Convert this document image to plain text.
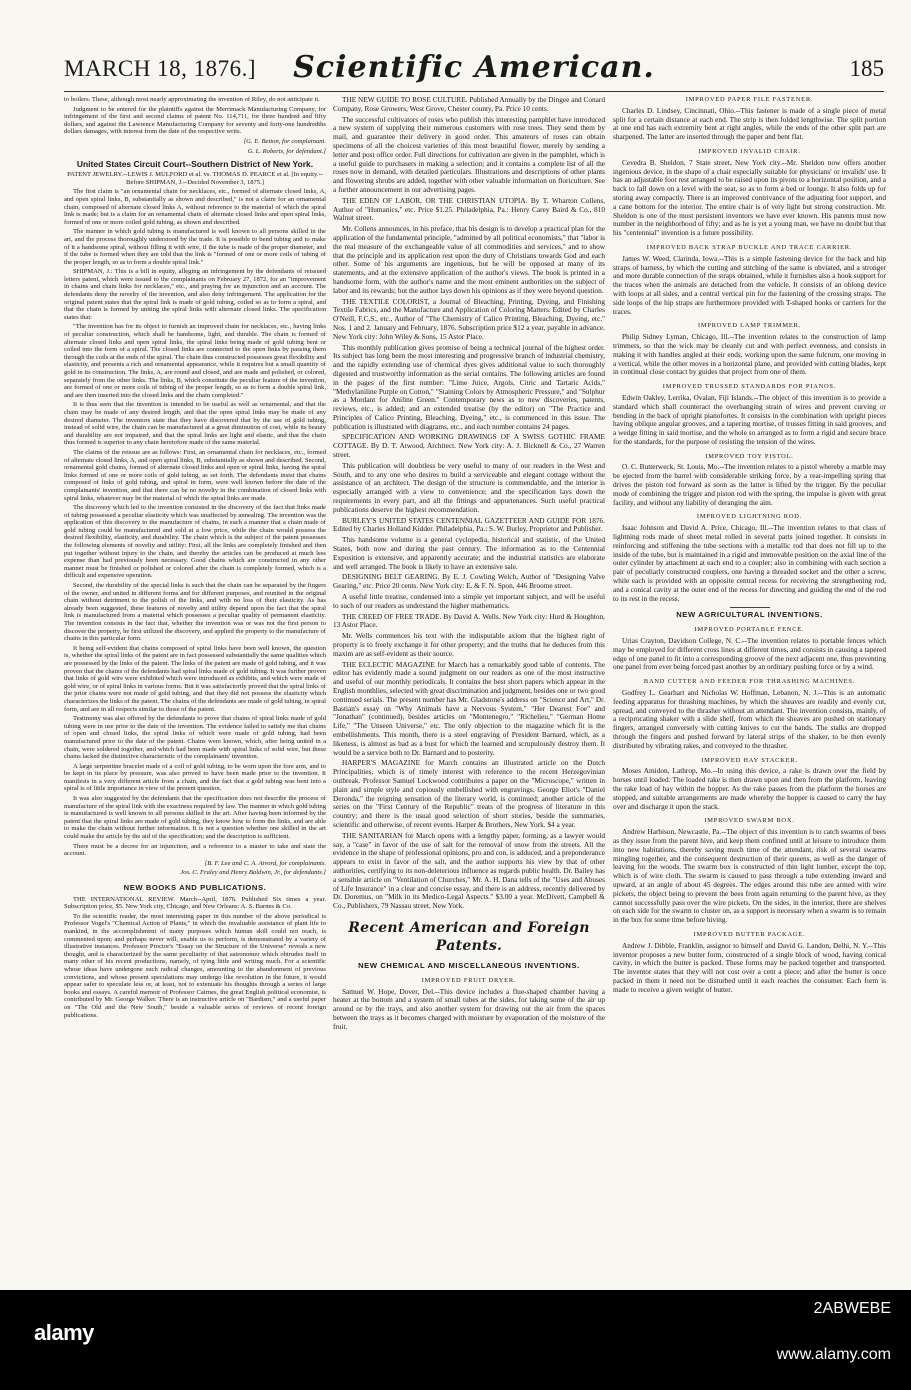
MARCH 18, 1876.]	Scientific American.	185

to boilers. These, although most nearly approximating the invention of Riley, do not anticipate it.

Judgment to be entered for the plaintiffs against the Merrimack Manufacturing Company, for infringement of the first and second claims of patent No. 114,711, for three hundred and fifty dollars, and against the Lawrence Manufacturing Company for seventy and forty-one hundredths dollars damages, with interest from the date of the respective writs.

[G. E. Betton, for complainant.

G. L. Roberts, for defendant.]

United States Circuit Court--Southern District of New York.

PATENT JEWELRY.--LEWIS J. MULFORD et al. vs. THOMAS D. PEARCE et al. [In equity.--Before SHIPMAN, J.--Decided November 3, 1875.]

The first claim is "an ornamental chain for necklaces, etc., formed of alternate closed links, A, and open spiral links, B, substantially as shown and described," is not a claim for an ornamental chain, composed of alternate closed links A, without reference to the material of which the spiral link is made; but is a claim for an ornamental chain of alternate closed links and open spiral links, formed of one or more coiled gold tubing, as shown and described.

The manner in which gold tubing is manufactured is well known to all persons skilled in the art, and the process thoroughly understood by the trade. It is possible to bend tubing and to make of it a handsome spiral, without filling it with wire, if the tube is made of the proper diameter, and if the tube is formed when they are told that the link is "formed of one or more coils of tubing of the proper length, so as to form a double spiral link."

SHIPMAN, J.: This is a bill in equity, alleging an infringement by the defendants of reissued letters patent, which were issued to the complainants on February 27, 1872, for an "improvement in chains and chain links for necklaces," etc., and praying for an injunction and an account. The defendants deny the novelty of the invention, and also deny infringement. The application for the original patent states that the spiral link is made of gold tubing, coiled so as to form a spiral, and that the chain is formed by uniting the spiral links with alternate closed links. The specification states that:

"The invention has for its object to furnish an improved chain for necklaces, etc., having links of peculiar construction, which shall be handsome, light, and durable. The chain is formed of alternate closed links and open spiral links, the spiral links being made of gold tubing bent or coiled into the form of a spiral. The closed links are connected to the open links by passing them through the coils at the ends of the spiral. The chain thus constructed possesses great flexibility and elasticity, and presents a rich and ornamental appearance, while it requires but a small quantity of gold in its construction. The links, A, are round and closed, and are made and polished, or colored, separately from the other links. The links, B, which constitute the peculiar feature of the invention, are formed of one or more coils of tubing of the proper length, so as to form a double spiral link, and are then inserted into the closed links and the chain completed."

It is thus seen that the invention is intended to be useful as well as ornamental, and that the chain may be made of any desired length, and that the open spiral links may be made of any desired diameter. The inventors state that they have discovered that by the use of gold tubing, instead of solid wire, the chain can be manufactured at a great diminution of cost, while its beauty and durability are not impaired, and that the spiral links are light and elastic, and that the chain thus formed is superior to any chain heretofore made of the same material.

The claims of the reissue are as follows: First, an ornamental chain for necklaces, etc., formed of alternate closed links, A, and open spiral links, B, substantially as shown and described. Second, ornamental gold chains, formed of alternate closed links and open or spiral links, having the spiral links formed of one or more coils of gold tubing, as set forth. The defendants insist that chains composed of links of gold tubing, and spiral in form, were well known before the date of the complainants' invention, and that there can be no novelty in the combination of closed links with spiral links, whatever may be the material of which the spiral links are made.

The discovery which led to the invention consisted in the discovery of the fact that links made of tubing possessed a peculiar elasticity which was unaffected by annealing. The invention was the application of this discovery to the manufacture of chains, in such a manner that a chain made of gold tubing could be manufactured and sold at a low price, while the chain would possess the desired flexibility, elasticity, and durability. The chain which is the subject of the patent possesses the following elements of novelty and utility: First, all the links are completely finished and then put together without injury to the chain, and thereby the articles can be produced at much less expense than had previously been necessary. Good chains which are constructed in any other manner must be finished or polished or colored after the chain is completely formed, which is a difficult and expensive operation.

Second, the durability of the special links is such that the chain can be separated by the fingers of the owner, and united in different forms and for different purposes, and reunited in the original chain without detriment to the polish of the links, and with no loss of their elasticity. As has already been suggested, these features of novelty and utility depend upon the fact that the spiral link is manufactured from a material which possesses a peculiar quality of permanent elasticity. The invention consists in the fact that, whether the invention was or was not the first person to discover the property, he first utilized the discovery, and applied the property to the manufacture of chains in this particular form.

It being self-evident that chains composed of spiral links have been well known, the question is, whether the spiral links of the patent are in fact possessed substantially the same qualities which are possessed by the links of the patent. The links of the patent are made of gold tubing, and it was proven that the chains of the defendants had spiral links made of gold tubing. It was further proven that links of gold wire were exhibited which were introduced as exhibits, and which were made of gold wire, or of spiral links in various forms. But it was satisfactorily proved that the spiral links of the prior chains were not made of gold tubing, and that they did not possess the elasticity which characterizes the links of the patent. The chains of the defendants are made of gold tubing, in spiral form, and are in all respects similar to those of the patent.

Testimony was also offered by the defendants to prove that chains of spiral links made of gold tubing were in use prior to the date of the invention. The evidence failed to satisfy me that chains of open and closed links, the spiral links of which were made of gold tubing, had been manufactured prior to the date of the patent. Chains were known, which, after being united in a chain, were soldered together, and which had been made with spiral links of solid wire, but these chains lacked the distinctive characteristic of the complainants' invention.

A large serpentine bracelet made of a coil of gold tubing, to be worn upon the fore arm, and to be kept in its place by pressure, was also proved to have been made prior to the invention. It manifests in a very different article from a chain, and the fact that a gold tubing was bent into a spiral is of little importance in view of the present question.

It was also suggested by the defendants that the specification does not describe the process of manufacture of the spiral link with the exactness required by law. The manner in which gold tubing is manufactured is well known to all persons skilled in the art. After having been informed by the patent that the spiral links are made of gold tubing, they know how to form the links, and are able to make the chain without further information. It is not a question whether one skilled in the art could make the article by the aid of the specification; and the description is sufficient.

There must be a decree for an injunction, and a reference to a master to take and state the account.

[B. F. Lee and C. A. Atvord, for complainants.

Jos. C. Fraley and Henry Baldwin, Jr., for defendants.]

NEW BOOKS AND PUBLICATIONS.

THE INTERNATIONAL REVIEW. March--April, 1876. Published Six times a year. Subscription price, $5. New York city, Chicago, and New Orleans: A. S. Barnes & Co.

To the scientific reader, the most interesting paper in this number of the above periodical is Professor Vogel's "Chemical Action of Plants," in which the invaluable assistance of plant life to mankind, in the accomplishment of many purposes which human skill could not reach, is commented upon; and perhaps never will, enable us to perform, is demonstrated by a variety of illustrative instances. Professor Proctor's "Essay on the Structure of the Universe" reveals a new thought, and is characterized by the same peculiarity of that astronomer which obtrudes itself in many other of his recent productions, namely, of tying little and writing much. For a scientific whose ideas have undergone such radical changes, amounting to the abandonment of previous convictions, and whose present speculations may undergo like revolution in the future, it would appear safer to speculate less or, at least, not to extenuate his thoughts through a series of large books and essays. A careful memoir of Professor Cairnes, the great English political economist, is contributed by Mr. George Walker. There is an instructive article on "Bardism," and a useful paper on "The Old and the New South," beside a valuable series of reviews of recent foreign publications.

THE NEW GUIDE TO ROSE CULTURE. Published Annually by the Dingee and Conard Company, Rose Growers, West Grove, Chester county, Pa. Price 10 cents.

The successful cultivators of roses who publish this interesting pamphlet have introduced a new system of supplying their numerous customers with rose trees. They send them by mail, and guarantee their delivery in good order. This amateurs of roses can obtain specimens of all the choicest varieties of this most beautiful flower, merely by sending a letter and post office order. Full directions for cultivation are given in the pamphlet, which is a useful guide to purchasers in making a selection; and it contains a complete list of all the roses now in demand, with detailed particulars. Illustrations and descriptions of other plants and flowering shrubs are added, together with other valuable information on floriculture. See a further announcement in our advertising pages.

THE EDEN OF LABOR, OR THE CHRISTIAN UTOPIA. By T. Wharton Collens, Author of "Humanics," etc. Price $1.25. Philadelphia, Pa.: Henry Carey Baird & Co., 810 Walnut street.

Mr. Collens announces, in his preface, that his design is to develop a practical plan for the application of the fundamental principle, "admitted by all political economists," that "labor is the real measure of the exchangeable value of all commodities and services," and to show that the principle and its application rest upon the duty of Christians towards God and each other. Some of his arguments are ingenious, but he will be opposed at many of its statements, and at the extensive application of the author's views. The book is printed in a handsome form, with the author's name and the most eminent authorities on the subject of labor and its rewards; but the author lays down his opinions as if they were beyond question.

THE TEXTILE COLORIST, a Journal of Bleaching, Printing, Dyeing, and Finishing Textile Fabrics, and the Manufacture and Application of Coloring Matters. Edited by Charles O'Neill, F.C.S., etc., Author of "The Chemistry of Calico Printing, Bleaching, Dyeing, etc." Nos. 1 and 2. January and February, 1876. Subscription price $12 a year, payable in advance. New York city: John Wiley & Sons, 15 Astor Place.

This monthly publication gives promise of being a technical journal of the highest order. Its subject has long been the most interesting and progressive branch of industrial chemistry, and the rapidly extending use of chemical dyes gives additional value to such thoroughly digested and trustworthy information as the serial contains. The following articles are found in the pages of the first number: "Lime Juice, Argols, Citric and Tartaric Acids," "Methylaniline Purple on Cotton," "Staining Colors by Atmospheric Pressure," and "Sulphur as a Mordant for Aniline Green." Contemporary news as to new discoveries, patents, reviews, etc., is added; and an extended treatise (by the editor) on "The Practice and Principles of Calico Printing, Bleaching, Dyeing," etc., is commenced in this issue. The publication is illustrated with diagrams, etc., and each number contains 24 pages.

SPECIFICATION AND WORKING DRAWINGS OF A SWISS GOTHIC FRAME COTTAGE. By D. T. Atwood, Architect. New York city: A. J. Bicknell & Co., 27 Warren street.

This publication will doubtless be very useful to many of our readers in the West and South, and to any one who desires to build a serviceable and elegant cottage without the assistance of an architect. The design of the structure is commendable, and the interior is especially arranged with a view to convenience; and the specification lays down the requirements in every part, and all the fittings and appurtenances. Such useful practical publications deserve the highest recommendation.

BURLEY'S UNITED STATES CENTENNIAL GAZETTEER AND GUIDE FOR 1876. Edited by Charles Holland Kidder. Philadelphia, Pa.: S. W. Burley, Proprietor and Publisher.

This handsome volume is a general cyclopedia, historical and statistic, of the United States, both now and during the past century. The information as to the Centennial Exposition is extensive, and apparently accurate; and the industrial statistics are elaborate and well arranged. The book is likely to have an extensive sale.

DESIGNING BELT GEARING. By E. J. Cowling Welch, Author of "Designing Valve Gearing," etc. Price 20 cents. New York city: E. & F. N. Spon, 446 Broome street.

A useful little treatise, condensed into a simple yet important subject, and will be useful to such of our readers as understand the higher mathematics.

THE CREED OF FREE TRADE. By David A. Wells. New York city: Hurd & Houghton, 13 Astor Place.

Mr. Wells commences his text with the indisputable axiom that the highest right of property is to freely exchange it for other property; and the truths that he deduces from this maxim are as self-evident as their source.

THE ECLECTIC MAGAZINE for March has a remarkably good table of contents. The editor has evidently made a sound judgment on our readers as one of the most instructive and useful of our monthly periodicals. It contains the best short papers which appear in the English monthlies, selected with great discrimination and judgment, besides one or two good continued serials. The present number has Mr. Gladstone's address on "Science and Art," Dr. Bastian's essay on "Why Animals have a Nervous System," "Her Dearest Foe" and "Jonathan" (continued), besides articles on "Montenegro," "Richelieu," "German Home Life," "The Unseen Universe," etc. The only objection to the magazine which fit is the embellishments. This month, there is a steel engraving of President Barnard, which, as a likeness, is almost as bad as a bust for which the learned and scrupulously destroy them. It would be a service both to Dr. Barnard and to posterity.

HARPER'S MAGAZINE for March contains an illustrated article on the Dutch Principalities, which is of timely interest with reference to the recent Herzegovinian outbreak. Professor Samuel Lockwood contributes a paper on the "Microscope," written in plain and simple style and copiously embellished with engravings. George Eliot's "Daniel Deronda," the reigning sensation of the literary world, is continued; another article of the series on the "First Century of the Republic" treats of the progress of literature in this country; and there is the usual good selection of short stories, beside the summaries, scientific and otherwise, of recent events. Harper & Brothers, New York. $4 a year.

THE SANITARIAN for March opens with a lengthy paper, forming, as a lawyer would say, a "case" in favor of the use of salt for the removal of snow from the streets. All the evidence in the shape of professional opinions, pro and con, is adduced, and a preponderance appears to exist in favor of the salt, and the author supports his view by that of other authorities, certifying to its non-deleterious influence as regards public health. Dr. Bailey has a sensible article on "Ventilation of Churches," Mr. A. H. Dana tells of the "Uses and Abuses of Life Insurance" in a clear and concise essay, and there is an address, recently delivered by Dr. Doremus, on "Milk in its Medico-Legal Aspects." $3.00 a year. McDivett, Campbell & Co., Publishers, 79 Nassau street, New York.

Recent American and Foreign Patents.
NEW CHEMICAL AND MISCELLANEOUS INVENTIONS.
IMPROVED FRUIT DRYER.

Samuel W. Hope, Dover, Del.--This device includes a flue-shaped chamber having a heater at the bottom and a system of small tubes at the sides, for taking some of the air up around or by the trays, and also another system for drawing out the air from the spaces between the trays as it becomes charged with moisture by evaporation of the moisture of the fruit.

IMPROVED PAPER FILE FASTENER.

Charles D. Lindsey, Cincinnati, Ohio.--This fastener is made of a single piece of metal split for a certain distance at each end. The strip is then folded lengthwise. The split portion at one end has each extremity bent at right angles, while the ends of the other split part are sharpened. The latter are inserted through the paper and bent flat.

IMPROVED INVALID CHAIR.

Cevedra B. Sheldon, 7 State street, New York city.--Mr. Sheldon now offers another ingenious device, in the shape of a chair especially suitable for physicians' or invalids' use. It has an adjustable foot rest arranged to be raised upon its pivots to a horizontal position, and a back to fall down on a level with the seat, so as to form a bed or lounge. It also folds up for storing away compactly. There is an improved contrivance of the adjusting foot support, and a cane bottom for the interior. The entire chair is of very light but strong construction. Mr. Sheldon is one of the most persistent inventors we have ever known. His patents must now number in the neighborhood of fifty; and as he is yet a young man, we have no doubt but that his "centennial" invention is a future possibility.

IMPROVED BACK STRAP BUCKLE AND TRACE CARRIER.

James W. Weed, Clarinda, Iowa.--This is a simple fastening device for the back and hip straps of harness, by which the cutting and stitching of the same is obviated, and a stronger and more durable connection of the straps obtained, while it furnishes also a hook support for the traces when the animals are detached from the vehicle. It consists of an oblong device with loops at all sides, and a central vertical pin for the fastening of the crossing straps. The side loops of the hip straps are furthermore provided with T-shaped hooks or carriers for the traces.

IMPROVED LAMP TRIMMER.

Philip Sidney Lyman, Chicago, Ill.--The invention relates to the construction of lamp trimmers, so that the wick may be cleanly cut and with perfect evenness, and consists in making it with handles angled at their ends, working upon the same fulcrum, one moving in a vertical, while the other moves in a horizontal plane, and provided with cutting blades, kept in continual close contact by guides that project from one of them.

IMPROVED TRUSSED STANDARDS FOR PIANOS.

Edwin Oakley, Lerrika, Ovalan, Fiji Islands.--The object of this invention is to provide a standard which shall counteract the overhanging strain of wires and prevent curving or bending in the back of upright pianofortes. It consists in the combination with upright pieces having oblique angular grooves, and a tapering mortise, of trusses fitting in said grooves, and a wedge fitting in said mortise, and the whole so arranged as to form a rigid and secure brace for the standards, for the purpose of resisting the tension of the wires.

IMPROVED TOY PISTOL.

O. C. Butterweck, St. Louis, Mo.--The invention relates to a pistol whereby a marble may be ejected from the barrel with considerable striking force, by a rear-impelling spring that drives the piston rod forward as soon as the latter is lifted by the trigger. By the peculiar mode of combining the trigger and piston rod with the spring, the impulse is given with great facility, and without any liability of deranging the aim.

IMPROVED LIGHTNING ROD.

Isaac Johnson and David A. Price, Chicago, Ill.--The invention relates to that class of lightning rods made of sheet metal rolled in several parts joined together. It consists in reinforcing and stiffening the tube sections with a metallic rod that does not fill up to the inside of the tube, but is maintained in a rigid and immovable position on the axial line of the outer cylinder by attachment at each end to a coupler; also in combining with each section a pair of peculiarly constructed couplers, one having a threaded socket and the other a screw, while each is provided with an opposite central recess for receiving the strengthening rod, and a conical cavity at the outer end of the recess for directing and guiding the end of the rod to its rest in the recess.

NEW AGRICULTURAL INVENTIONS.
IMPROVED PORTABLE FENCE.

Urias Crayton, Davidson College, N. C.--The invention relates to portable fences which may be employed for different cross lines at different times, and consists in causing a tapered edge of one panel to fit into a corresponding groove of the next adjacent one, thus preventing one panel from ever being forced past another by an ordinary pushing force or by a wind.

BAND CUTTER AND FEEDER FOR THRASHING MACHINES.

Godfrey L. Gearhart and Nicholas W. Hoffman, Lebanon, N. J.--This is an automatic feeding apparatus for thrashing machines, by which the sheaves are readily and evenly cut, spread, and conveyed to the thrasher without an attendant. The invention consists, mainly, of a reciprocating shaker with a slide shelf, from which the sheaves are pushed on stationary fingers, arranged conversely with cutting knives to cut the bands. The stalks are dropped through the fingers and pushed forward by lateral strips of the shaker, to be then evenly distributed by vibrating rakes, and conveyed to the thrasher.

IMPROVED HAY STACKER.

Moses Amidon, Lathrop, Mo.--In using this device, a rake is drawn over the field by horses until loaded. The loaded rake is then drawn upon and then from the platform, leaving the rake load of hay within the hopper. As the rake passes from the platform the horses are stopped, and suitable arrangements are made whereby the hopper is caused to carry the hay over and discharge it upon the stack.

IMPROVED SWARM BOX.

Andrew Harbison, Newcastle, Pa.--The object of this invention is to catch swarms of bees as they issue from the parent hive, and keep them confined until at leisure to introduce them into new habitations, thereby saving much time of the attendant, risk of several swarms mingling together, and the consequent destruction of their queens, as well as the danger of leaving for the woods. The swarm box is constructed of thin light lumber, except the top, which is of wire cloth. The swarm is caused to pass through a tube extending inward and upward, at an angle of about 45 degrees. The edges around this tube are armed with wire pickets, the object being to prevent the bees from again returning to the parent hive, as they cannot successfully pass over the wire pickets. On the sides, in the interior, there are shelves on each side for the swarm to cluster on, as a support is necessary when a swarm is to remain in the box for some time before hiving.

IMPROVED BUTTER PACKAGE.

Andrew J. Dibble, Franklin, assignor to himself and David G. Landon, Delhi, N. Y.--This inventor proposes a new butter form, constructed of a single block of wood, having conical cavity, in which the butter is packed. These forms may be packed together and transported. The inventor states that they will not cost over a cent a piece; and after the butter is once packed in them it need not be disturbed until it each reaches the consumer. Each form is made to receive a given weight of butter.

alamy
2ABWEBE
www.alamy.com
